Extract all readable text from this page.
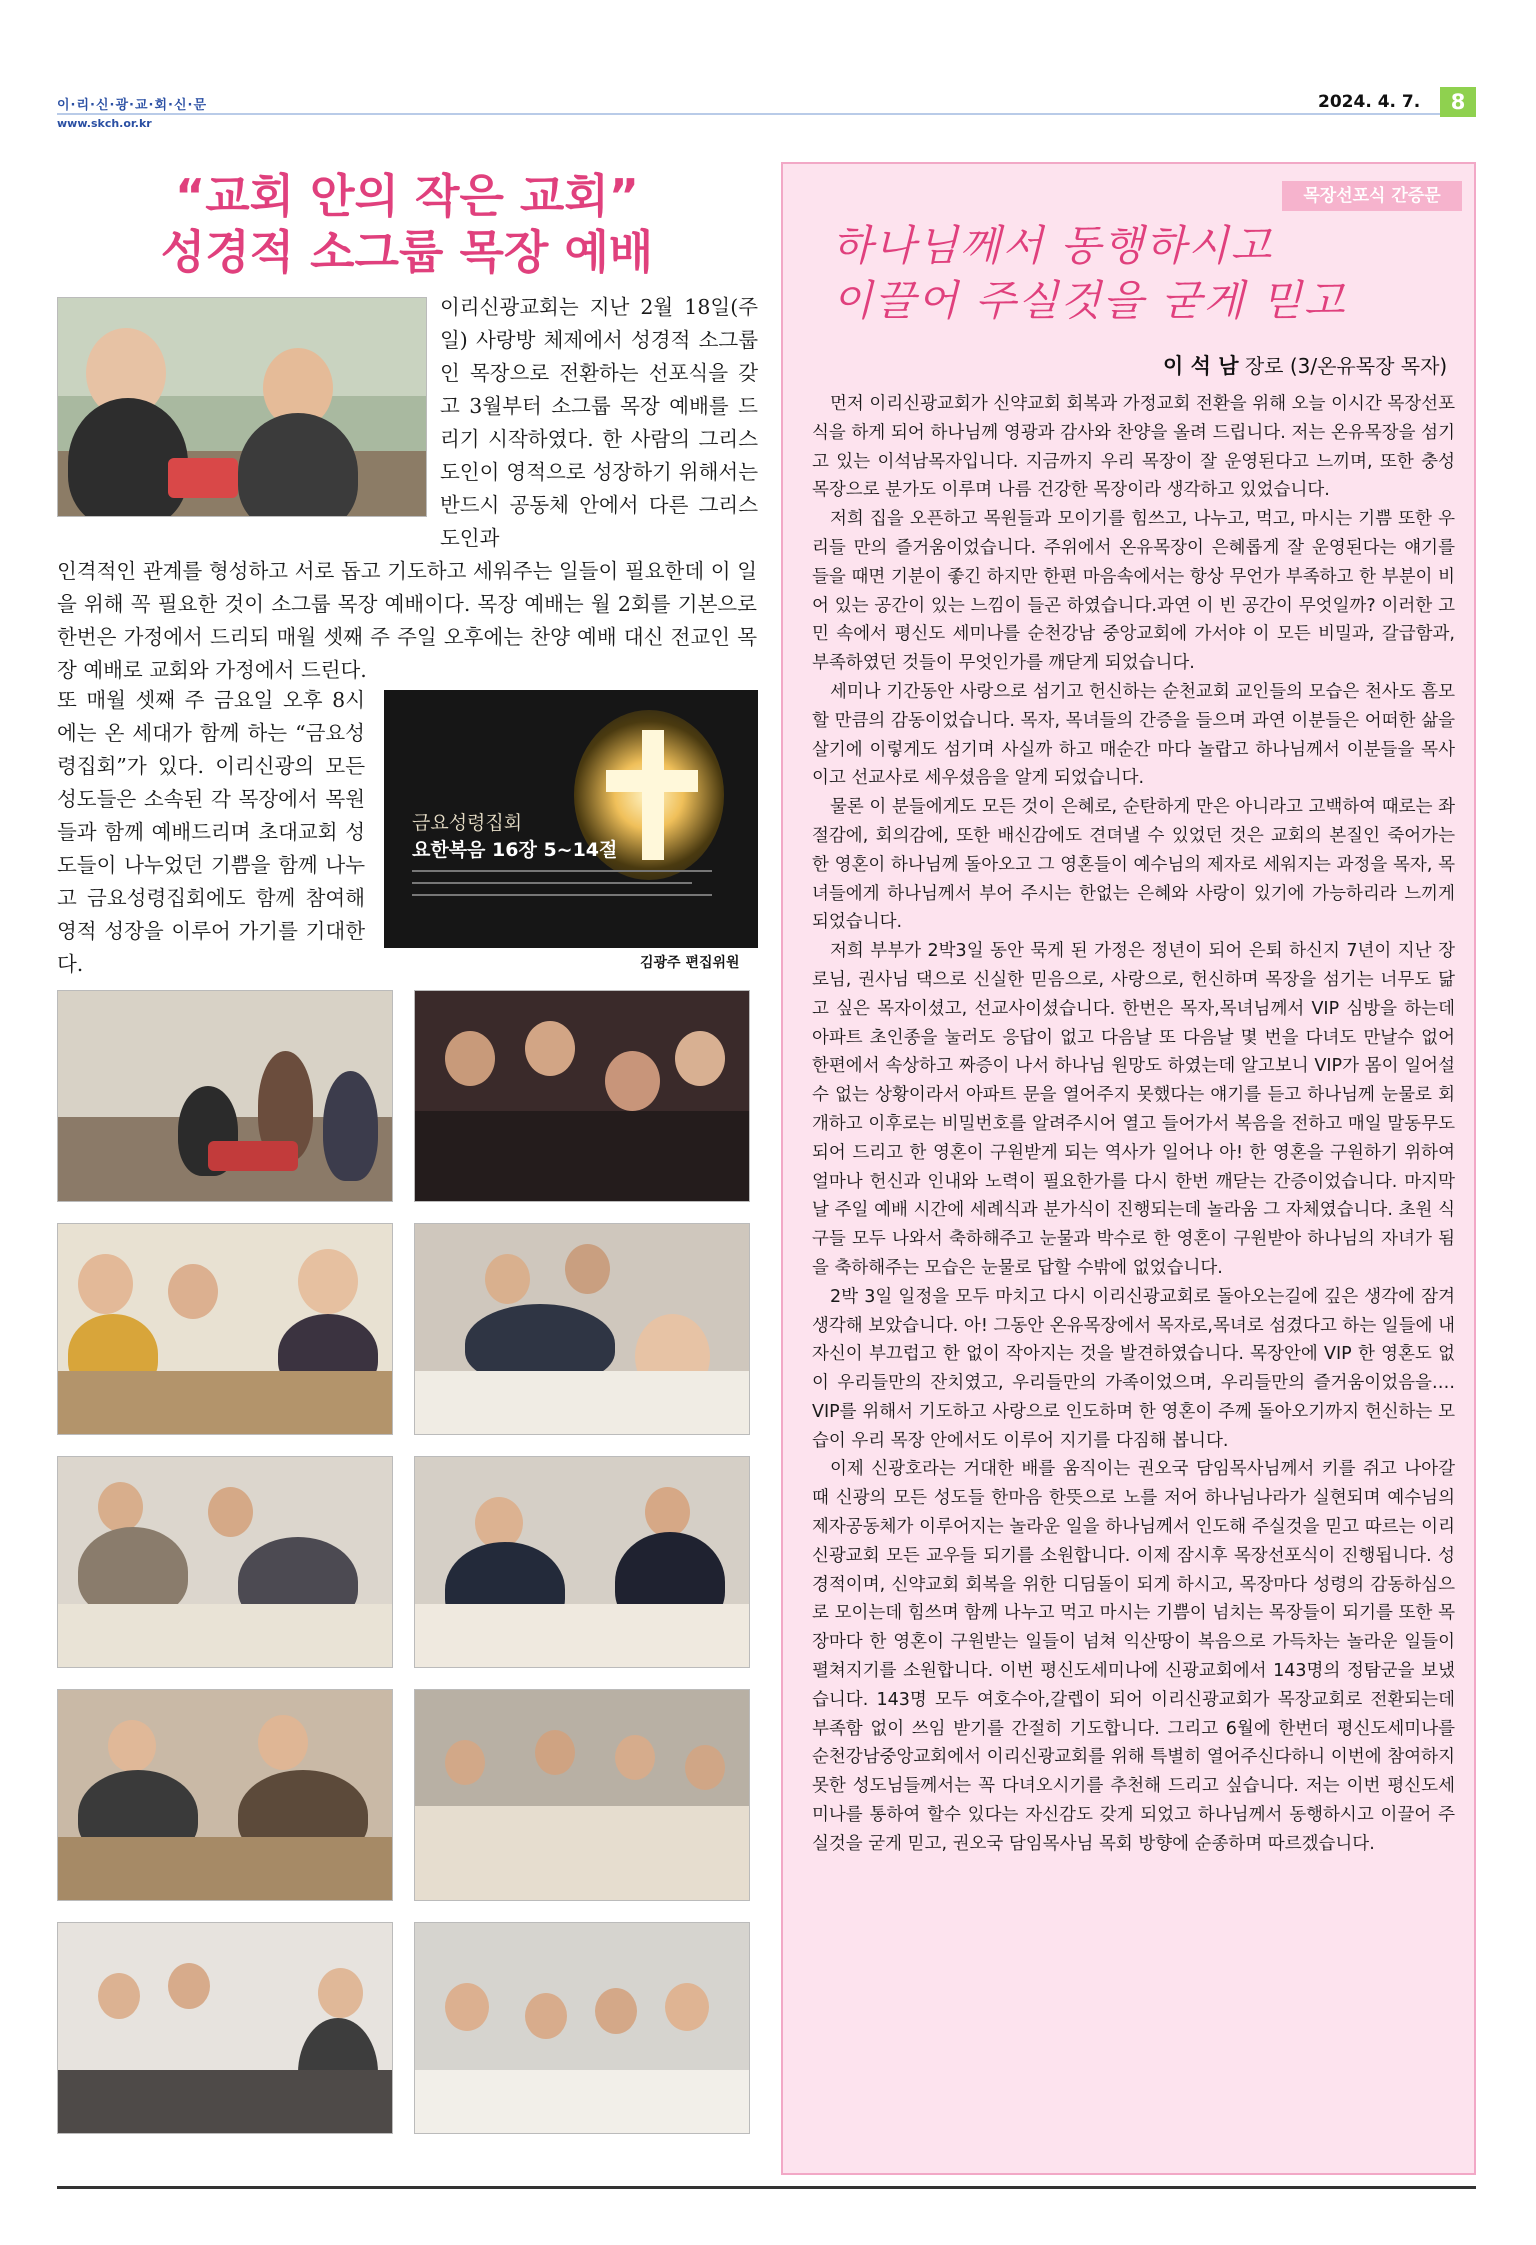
이·리·신·광·교·회·신·문
www.skch.or.kr
2024. 4. 7.	8
“교회 안의 작은 교회”
성경적 소그룹 목장 예배
이리신광교회는 지난 2월 18일(주일) 사랑방 체제에서 성경적 소그룹인 목장으로 전환하는 선포식을 갖고 3월부터 소그룹 목장 예배를 드리기 시작하였다. 한 사람의 그리스도인이 영적으로 성장하기 위해서는 반드시 공동체 안에서 다른 그리스도인과
인격적인 관계를 형성하고 서로 돕고 기도하고 세워주는 일들이 필요한데 이 일을 위해 꼭 필요한 것이 소그룹 목장 예배이다. 목장 예배는 월 2회를 기본으로 한번은 가정에서 드리되 매월 셋째 주 주일 오후에는 찬양 예배 대신 전교인 목장 예배로 교회와 가정에서 드린다.
또 매월 셋째 주 금요일 오후 8시에는 온 세대가 함께 하는 “금요성령집회”가 있다. 이리신광의 모든 성도들은 소속된 각 목장에서 목원들과 함께 예배드리며 초대교회 성도들이 나누었던 기쁨을 함께 나누고 금요성령집회에도 함께 참여해 영적 성장을 이루어 가기를 기대한다.
금요성령집회
요한복음 16장 5~14절
김광주 편집위원
목장선포식 간증문
하나님께서 동행하시고
이끌어 주실것을 굳게 믿고
이 석 남 장로 (3/온유목장 목자)

먼저 이리신광교회가 신약교회 회복과 가정교회 전환을 위해 오늘 이시간 목장선포식을 하게 되어 하나님께 영광과 감사와 찬양을 올려 드립니다. 저는 온유목장을 섬기고 있는 이석남목자입니다. 지금까지 우리 목장이 잘 운영된다고 느끼며, 또한 충성 목장으로 분가도 이루며 나름 건강한 목장이라 생각하고 있었습니다.

저희 집을 오픈하고 목원들과 모이기를 힘쓰고, 나누고, 먹고, 마시는 기쁨 또한 우리들 만의 즐거움이었습니다. 주위에서 온유목장이 은혜롭게 잘 운영된다는 얘기를 들을 때면 기분이 좋긴 하지만 한편 마음속에서는 항상 무언가 부족하고 한 부분이 비어 있는 공간이 있는 느낌이 들곤 하였습니다.과연 이 빈 공간이 무엇일까? 이러한 고민 속에서 평신도 세미나를 순천강남 중앙교회에 가서야 이 모든 비밀과, 갈급함과, 부족하였던 것들이 무엇인가를 깨닫게 되었습니다.

세미나 기간동안 사랑으로 섬기고 헌신하는 순천교회 교인들의 모습은 천사도 흠모할 만큼의 감동이었습니다. 목자, 목녀들의 간증을 들으며 과연 이분들은 어떠한 삶을 살기에 이렇게도 섬기며 사실까 하고 매순간 마다 놀랍고 하나님께서 이분들을 목사이고 선교사로 세우셨음을 알게 되었습니다.

물론 이 분들에게도 모든 것이 은혜로, 순탄하게 만은 아니라고 고백하여 때로는 좌절감에, 회의감에, 또한 배신감에도 견뎌낼 수 있었던 것은 교회의 본질인 죽어가는 한 영혼이 하나님께 돌아오고 그 영혼들이 예수님의 제자로 세워지는 과정을 목자, 목녀들에게 하나님께서 부어 주시는 한없는 은혜와 사랑이 있기에 가능하리라 느끼게 되었습니다.

저희 부부가 2박3일 동안 묵게 된 가정은 정년이 되어 은퇴 하신지 7년이 지난 장로님, 권사님 댁으로 신실한 믿음으로, 사랑으로, 헌신하며 목장을 섬기는 너무도 닮고 싶은 목자이셨고, 선교사이셨습니다. 한번은 목자,목녀님께서 VIP 심방을 하는데 아파트 초인종을 눌러도 응답이 없고 다음날 또 다음날 몇 번을 다녀도 만날수 없어 한편에서 속상하고 짜증이 나서 하나님 원망도 하였는데 알고보니 VIP가 몸이 일어설수 없는 상황이라서 아파트 문을 열어주지 못했다는 얘기를 듣고 하나님께 눈물로 회개하고 이후로는 비밀번호를 알려주시어 열고 들어가서 복음을 전하고 매일 말동무도 되어 드리고 한 영혼이 구원받게 되는 역사가 일어나 아! 한 영혼을 구원하기 위하여 얼마나 헌신과 인내와 노력이 필요한가를 다시 한번 깨닫는 간증이었습니다. 마지막날 주일 예배 시간에 세례식과 분가식이 진행되는데 놀라움 그 자체였습니다. 초원 식구들 모두 나와서 축하해주고 눈물과 박수로 한 영혼이 구원받아 하나님의 자녀가 됨을 축하해주는 모습은 눈물로 답할 수밖에 없었습니다.

2박 3일 일정을 모두 마치고 다시 이리신광교회로 돌아오는길에 깊은 생각에 잠겨 생각해 보았습니다. 아! 그동안 온유목장에서 목자로,목녀로 섬겼다고 하는 일들에 내 자신이 부끄럽고 한 없이 작아지는 것을 발견하였습니다. 목장안에 VIP 한 영혼도 없이 우리들만의 잔치였고, 우리들만의 가족이었으며, 우리들만의 즐거움이었음을…. VIP를 위해서 기도하고 사랑으로 인도하며 한 영혼이 주께 돌아오기까지 헌신하는 모습이 우리 목장 안에서도 이루어 지기를 다짐해 봅니다.

이제 신광호라는 거대한 배를 움직이는 권오국 담임목사님께서 키를 쥐고 나아갈 때 신광의 모든 성도들 한마음 한뜻으로 노를 저어 하나님나라가 실현되며 예수님의 제자공동체가 이루어지는 놀라운 일을 하나님께서 인도해 주실것을 믿고 따르는 이리신광교회 모든 교우들 되기를 소원합니다. 이제 잠시후 목장선포식이 진행됩니다. 성경적이며, 신약교회 회복을 위한 디딤돌이 되게 하시고, 목장마다 성령의 감동하심으로 모이는데 힘쓰며 함께 나누고 먹고 마시는 기쁨이 넘치는 목장들이 되기를 또한 목장마다 한 영혼이 구원받는 일들이 넘쳐 익산땅이 복음으로 가득차는 놀라운 일들이 펼쳐지기를 소원합니다. 이번 평신도세미나에 신광교회에서 143명의 정탐군을 보냈습니다. 143명 모두 여호수아,갈렙이 되어 이리신광교회가 목장교회로 전환되는데 부족함 없이 쓰임 받기를 간절히 기도합니다. 그리고 6월에 한번더 평신도세미나를 순천강남중앙교회에서 이리신광교회를 위해 특별히 열어주신다하니 이번에 참여하지 못한 성도님들께서는 꼭 다녀오시기를 추천해 드리고 싶습니다. 저는 이번 평신도세미나를 통하여 할수 있다는 자신감도 갖게 되었고 하나님께서 동행하시고 이끌어 주실것을 굳게 믿고, 권오국 담임목사님 목회 방향에 순종하며 따르겠습니다.
